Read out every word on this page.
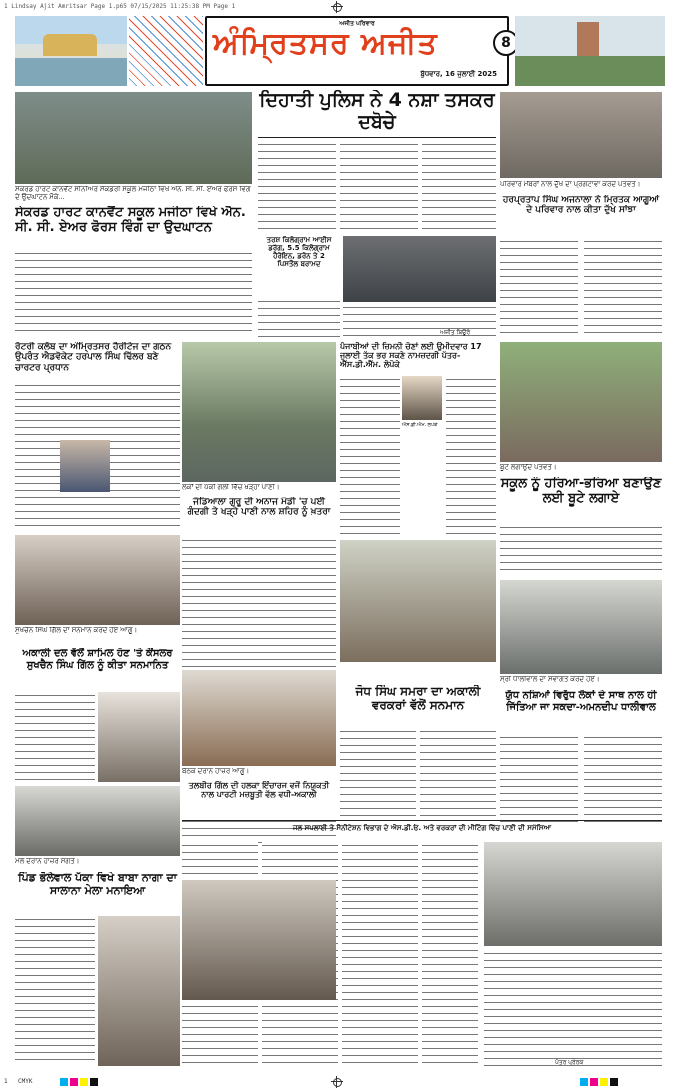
1 Lindsay Ajit Amritsar Page 1.p65 07/15/2025 11:25:38 PM Page 1
ਅਜੀਤ ਪਰਿਵਾਰ
ਅੰਮ੍ਰਿਤਸਰ ਅਜੀਤ
ਬੁੱਧਵਾਰ, 16 ਜੁਲਾਈ 2025
8
ਸੇਕਰਡ ਹਾਰਟ ਕਾਨਵੈਂਟ ਸੀਨੀਅਰ ਸੈਕੰਡਰੀ ਸਕੂਲ ਮਜੀਠਾ ਵਿਖੇ ਐਨ. ਸੀ. ਸੀ. ਏਅਰ ਫੋਰਸ ਵਿੰਗ ਦੇ ਉਦਘਾਟਨ ਮੌਕੇ...
ਸੇਕਰਡ ਹਾਰਟ ਕਾਨਵੈਂਟ ਸਕੂਲ ਮਜੀਠਾ ਵਿਖੇ ਐਨ. ਸੀ. ਸੀ. ਏਅਰ ਫੋਰਸ ਵਿੰਗ ਦਾ ਉਦਘਾਟਨ
ਦਿਹਾਤੀ ਪੁਲਿਸ ਨੇ 4 ਨਸ਼ਾ ਤਸਕਰ ਦਬੋਚੇ
ਤਰਸ਼ ਕਿਲੋਗ੍ਰਾਮ ਆਈਸ
ਡਰੱਗ, 5.5 ਕਿਲੋਗ੍ਰਾਮ
ਹੈਰੋਇਨ, ਡਰੋਨ ਤੇ 2
ਪਿਸਤੌਲ ਬਰਾਮਦ
ਪਰਿਵਾਰ ਮੈਂਬਰਾਂ ਨਾਲ ਦੁੱਖ ਦਾ ਪ੍ਰਗਟਾਵਾ ਕਰਦੇ ਪਤਵੰਤੇ।
ਹਰਪ੍ਰਤਾਪ ਸਿੰਘ ਅਜਨਾਲਾ ਨੇ ਮ੍ਰਿਤਕ ਆਗੂਆਂ ਦੇ ਪਰਿਵਾਰ ਨਾਲ ਕੀਤਾ ਦੁੱਖ ਸਾਂਝਾ
ਰੋਟਰੀ ਕਲੱਬ ਦਾ ਅੰਮ੍ਰਿਤਸਰ ਹੈਰੀਟੇਜ ਦਾ ਗਠਨ ਉਪਰੰਤ ਐਡਵੋਕੇਟ ਹਰਪਾਲ ਸਿੰਘ ਢਿੱਲਰ ਬਣੇ ਚਾਰਟਰ ਪ੍ਰਧਾਨ
ਲੋਕਾਂ ਦੀ ਪੱਕੀ ਗਲੀ ਵਿੱਚ ਖੜ੍ਹਾ ਪਾਣੀ।
ਜੰਡਿਆਲਾ ਗੁਰੂ ਦੀ ਅਨਾਜ ਮੰਡੀ 'ਚ ਪਈ ਗੰਦਗੀ ਤੇ ਖੜ੍ਹੇ ਪਾਣੀ ਨਾਲ ਸ਼ਹਿਰ ਨੂੰ ਖ਼ਤਰਾ
ਪੰਜਾਬੀਆਂ ਦੀ ਜ਼ਿਮਨੀ ਚੋਣਾਂ ਲਈ ਉਮੀਦਵਾਰ 17 ਜੁਲਾਈ ਤੱਕ ਭਰ ਸਕਣੇ ਨਾਮਜ਼ਦਗੀ ਪੱਤਰ-ਐੱਸ.ਡੀ.ਐੱਮ. ਲੋਪੋਕੇ
ਐਸ.ਡੀ.ਐਮ. ਲੋਪੋਕੇ
ਬੂਟੇ ਲਗਾਉਂਦੇ ਪਤਵੰਤੇ।
ਸਕੂਲ ਨੂੰ ਹਰਿਆ-ਭਰਿਆ ਬਣਾਉਣ ਲਈ ਬੂਟੇ ਲਗਾਏ
ਸੁਖਚੈਨ ਸਿੰਘ ਗਿੱਲ ਦਾ ਸਨਮਾਨ ਕਰਦੇ ਹੋਏ ਆਗੂ।
ਅਕਾਲੀ ਦਲ ਵੱਲੋਂ ਸ਼ਾਮਿਲ ਹੋਣ 'ਤੇ ਕੌਂਸਲਰ ਸੁਖਚੈਨ ਸਿੰਘ ਗਿੱਲ ਨੂੰ ਕੀਤਾ ਸਨਮਾਨਿਤ
ਜੋਧ ਸਿੰਘ ਸਮਰਾ ਦਾ ਅਕਾਲੀ ਵਰਕਰਾਂ ਵੱਲੋਂ ਸਨਮਾਨ
ਸ੍ਰੀ ਧਾਲੀਵਾਲ ਦਾ ਸਵਾਗਤ ਕਰਦੇ ਹੋਏ।
ਯੁੱਧ ਨਸ਼ਿਆਂ ਵਿਰੁੱਧ ਲੋਕਾਂ ਦੇ ਸਾਥ ਨਾਲ ਹੀ ਜਿੱਤਿਆ ਜਾ ਸਕਦਾ-ਅਮਨਦੀਪ ਧਾਲੀਵਾਲ
ਬੈਠਕ ਦੌਰਾਨ ਹਾਜ਼ਰ ਆਗੂ।
ਤਲਬੀਰ ਗਿੱਲ ਦੀ ਹਲਕਾ ਇੰਚਾਰਜ ਵਜੋਂ ਨਿਯੁਕਤੀ ਨਾਲ ਪਾਰਟੀ ਮਜ਼ਬੂਤੀ ਵੱਲ ਵਧੀ-ਅਕਾਲੀ
ਮੇਲੇ ਦੌਰਾਨ ਹਾਜ਼ਰ ਸੰਗਤ।
ਪਿੰਡ ਭੋਲੇਵਾਲ ਪੱਕਾ ਵਿਖੇ ਬਾਬਾ ਨਾਗਾ ਦਾ ਸਾਲਾਨਾ ਮੇਲਾ ਮਨਾਇਆ
ਜਲ ਸਪਲਾਈ ਤੇ ਸੈਨੀਟੇਸ਼ਨ ਵਿਭਾਗ ਦੇ ਐਸ.ਡੀ.ਓ. ਅਤੇ ਵਰਕਰਾਂ ਦੀ ਮੀਟਿੰਗ ਵਿੱਚ ਪਾਣੀ ਦੀ ਸਮੱਸਿਆ
ਪੱਤਰ ਪ੍ਰੇਰਕ
ਅਜੀਤ ਬਿਊਰੋ
1 CMYK
